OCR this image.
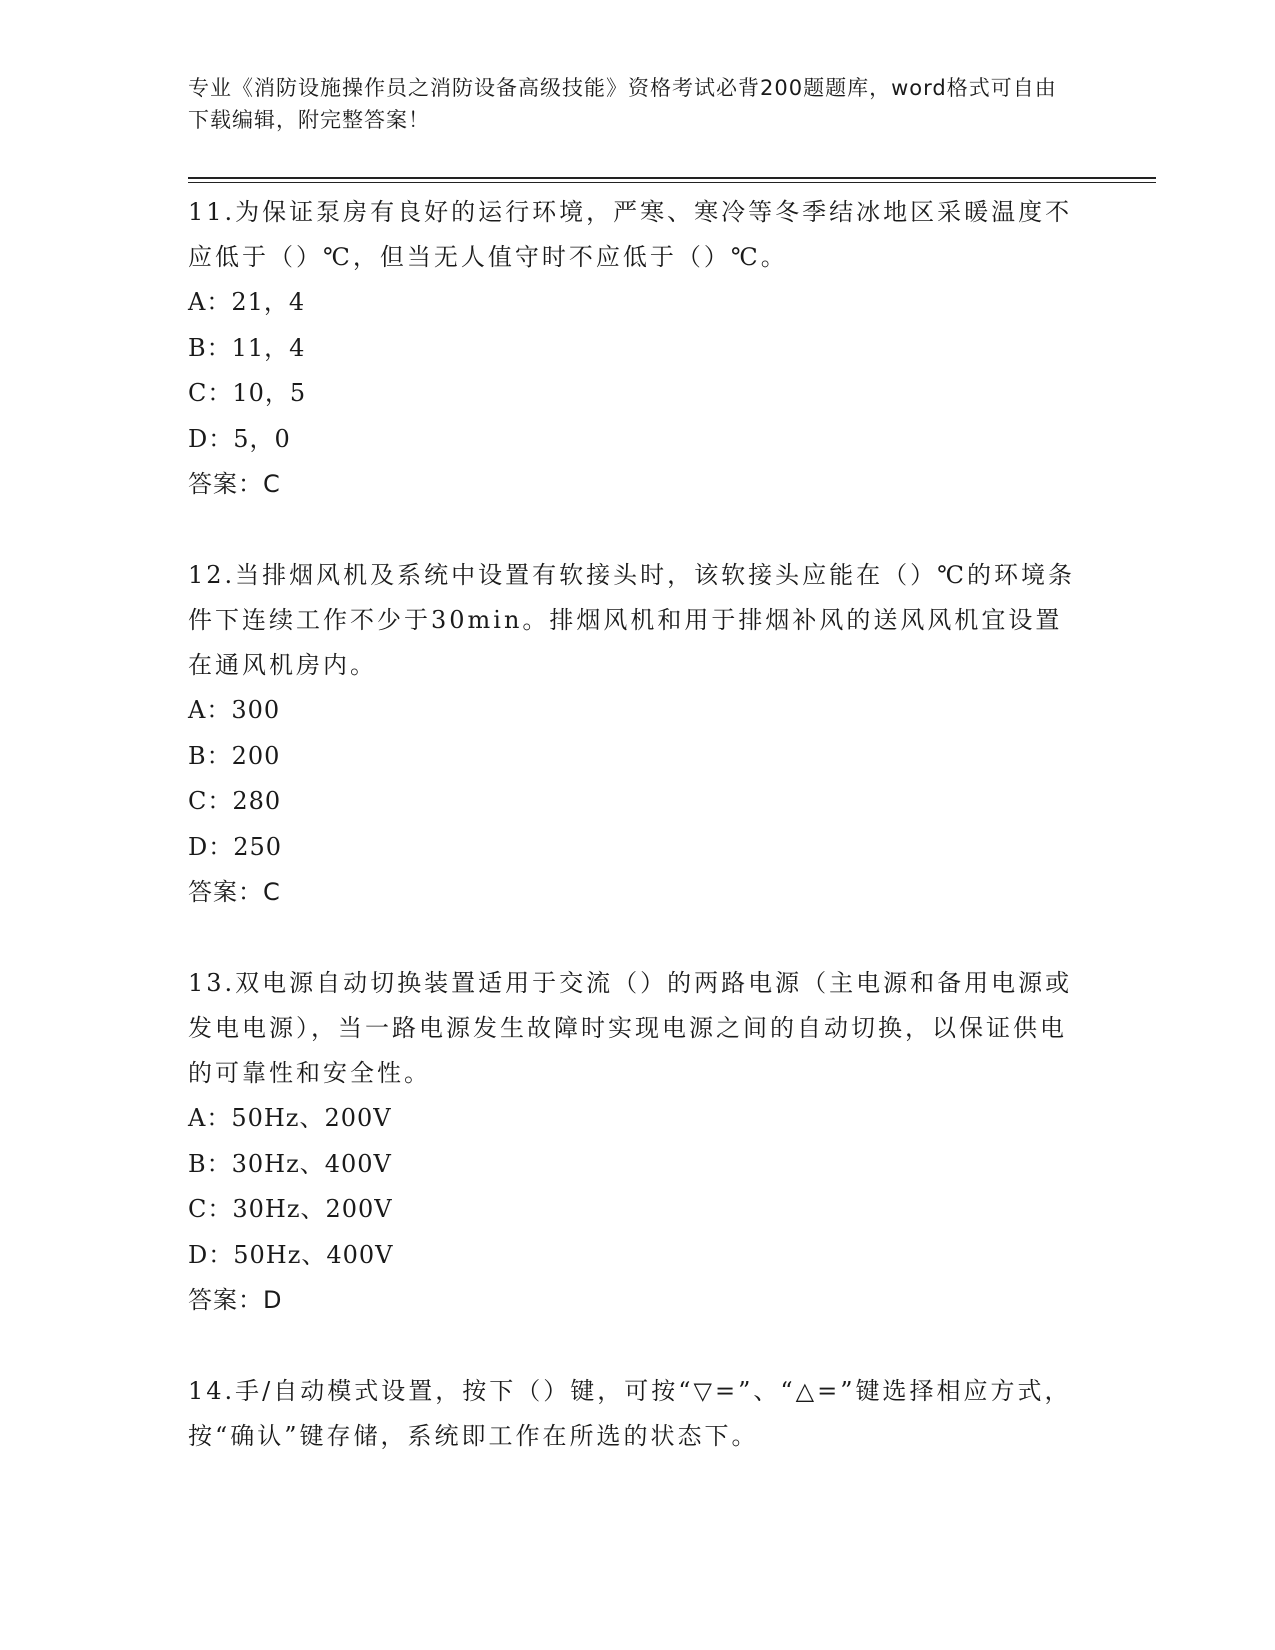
专业《消防设施操作员之消防设备高级技能》资格考试必背200题题库，word格式可自由下载编辑，附完整答案！
11.为保证泵房有良好的运行环境，严寒、寒冷等冬季结冰地区采暖温度不应低于（）℃，但当无人值守时不应低于（）℃。
A：21，4
B：11，4
C：10，5
D：5，0
答案：C
12.当排烟风机及系统中设置有软接头时，该软接头应能在（）℃的环境条件下连续工作不少于30min。排烟风机和用于排烟补风的送风风机宜设置在通风机房内。
A：300
B：200
C：280
D：250
答案：C
13.双电源自动切换装置适用于交流（）的两路电源（主电源和备用电源或发电电源），当一路电源发生故障时实现电源之间的自动切换，以保证供电的可靠性和安全性。
A：50Hz、200V
B：30Hz、400V
C：30Hz、200V
D：50Hz、400V
答案：D
14.手/自动模式设置，按下（）键，可按“▽=”、“△=”键选择相应方式，按“确认”键存储，系统即工作在所选的状态下。
